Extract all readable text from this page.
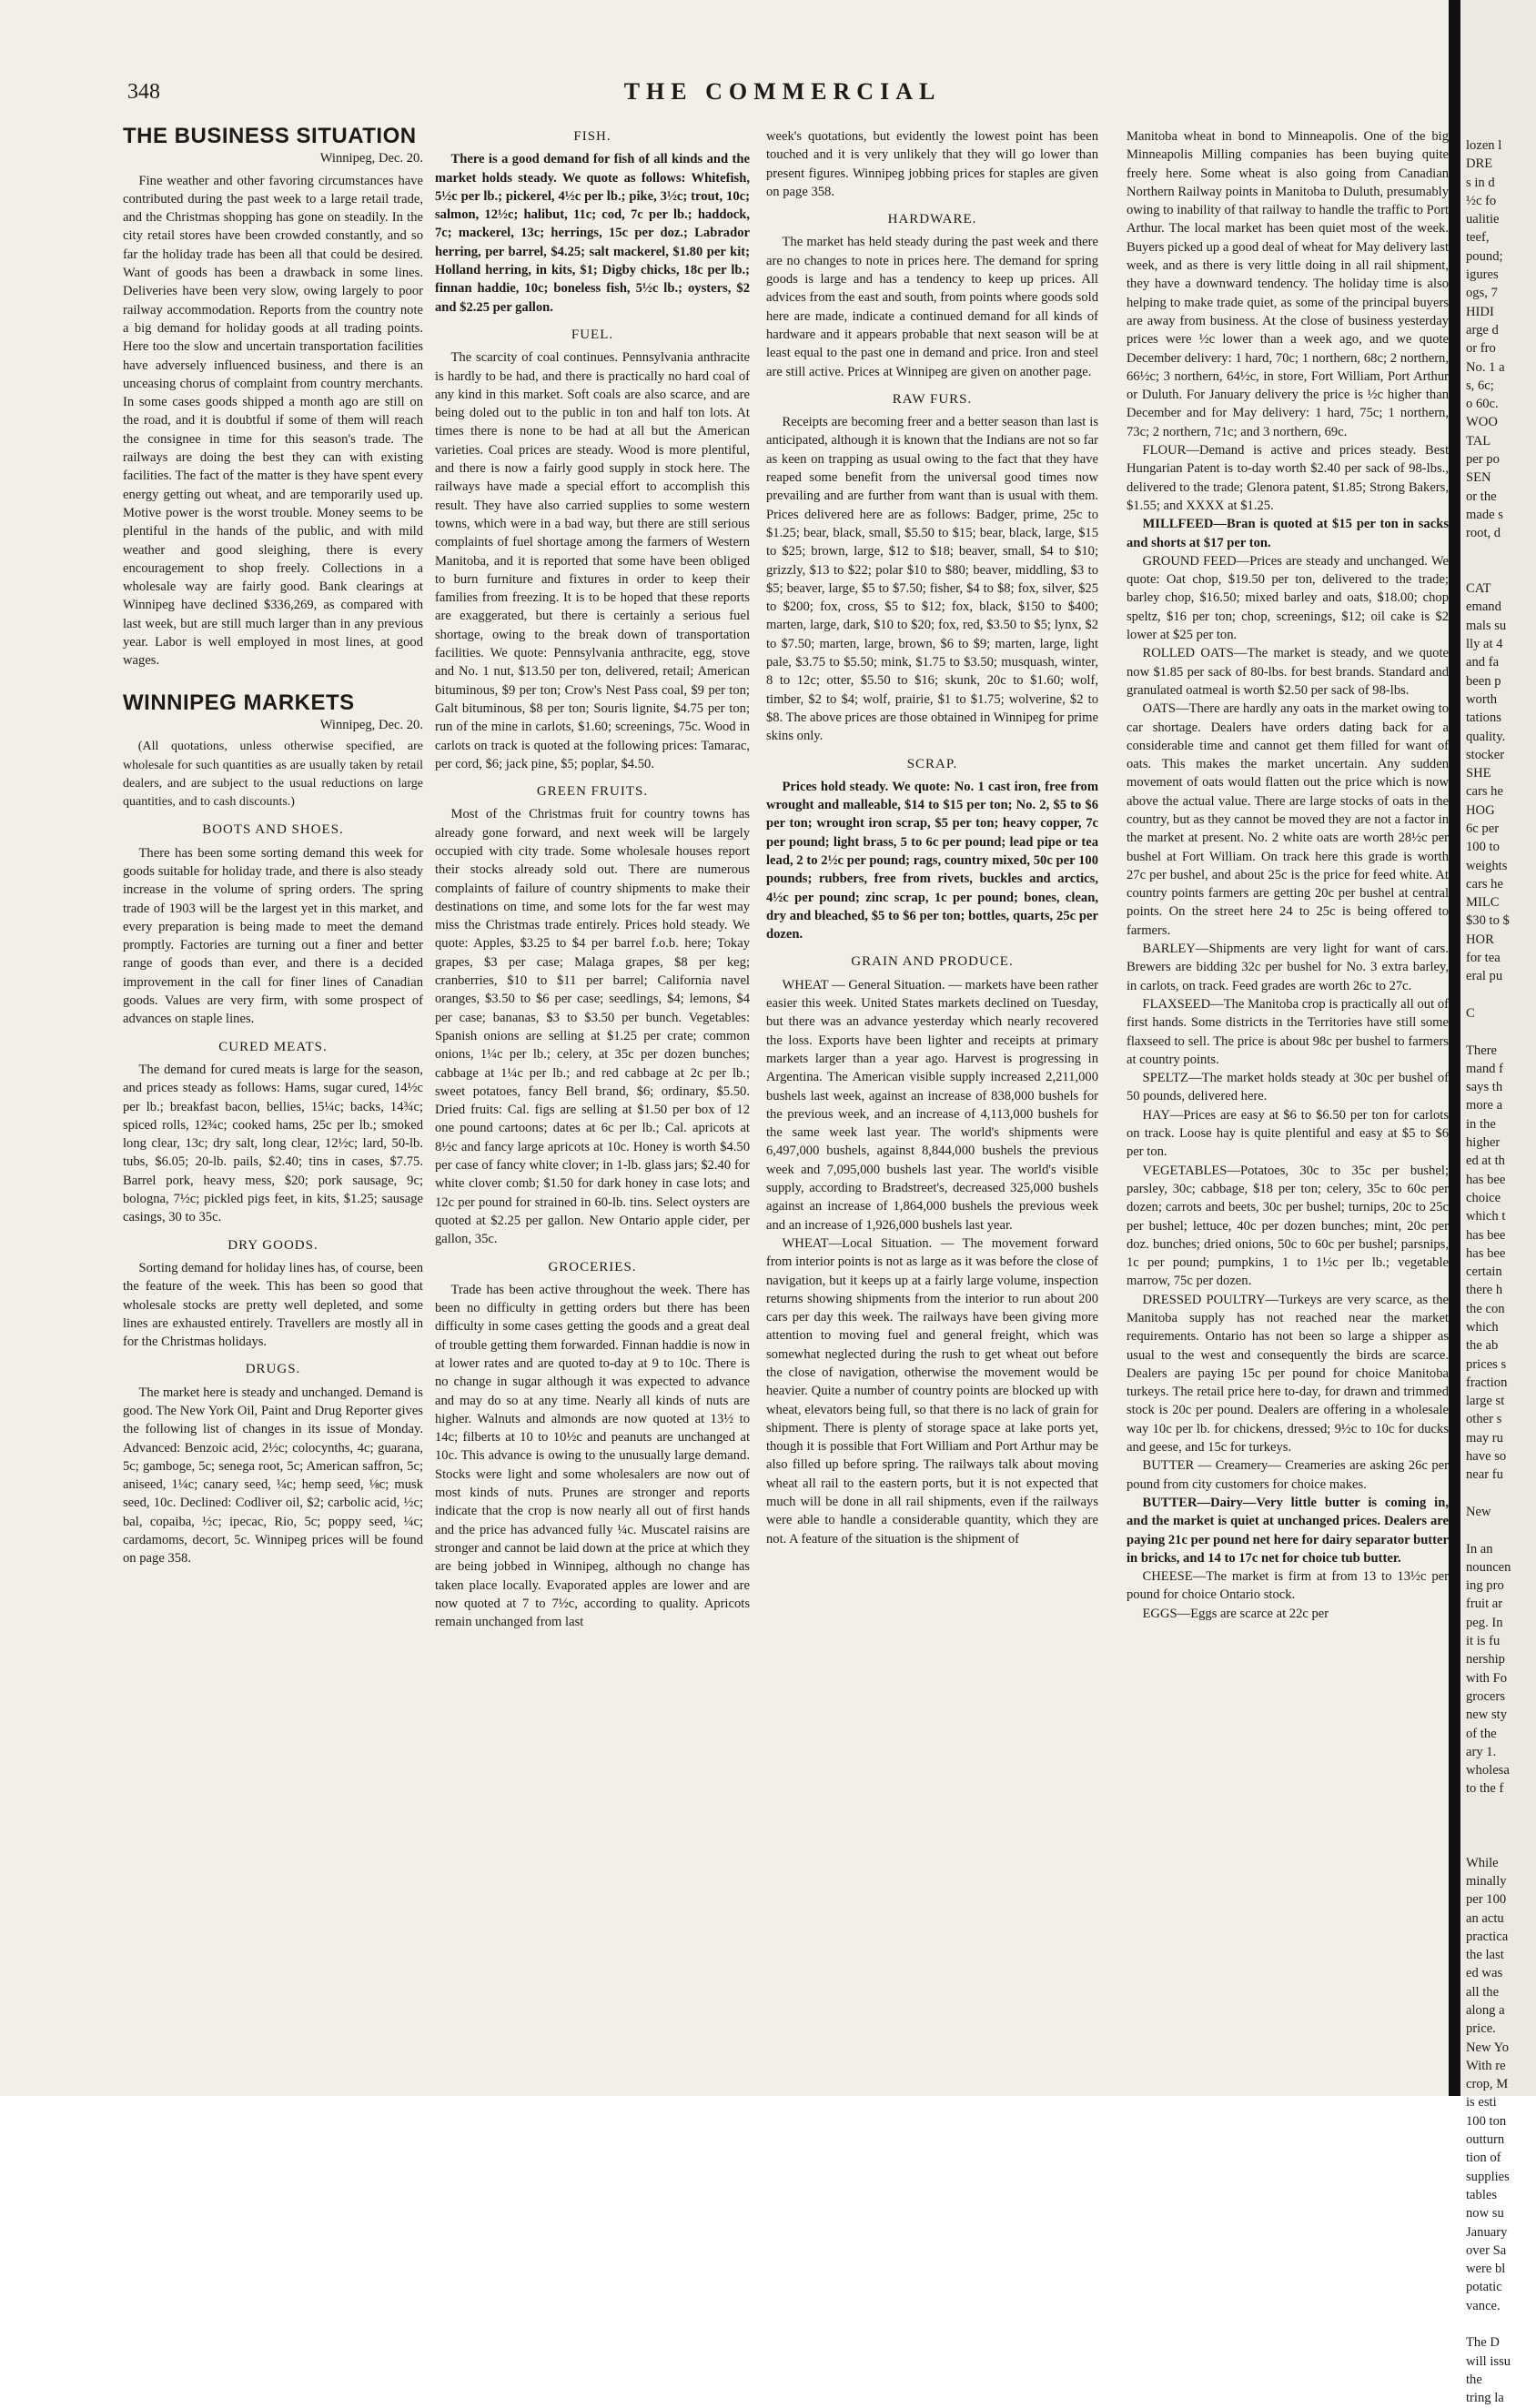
lozen l
DRE
s in d
½c fo
ualitie
teef,
pound;
igures
ogs, 7
HIDI
arge d
or fro
No. 1 a
s, 6c;
o 60c.
WOO
TAL
per po
SEN
or the
made s
root, d

CAT
emand
mals su
lly at 4
and fa
been p
worth
tations
quality.
stocker
SHE
cars he
HOG
6c per
100 to
weights
cars he
MILC
$30 to $
HOR
for tea
eral pu

C

There
mand f
says th
more a
in the
higher
ed at th
has bee
choice
which t
has bee
has bee
certain
there h
the con
which
the ab
prices s
fraction
large st
other s
may ru
have so
near fu

New

In an
nouncen
ing pro
fruit ar
peg. In
it is fu
nership
with Fo
grocers
new sty
of the
ary 1.
wholesa
to the f

While
minally
per 100
an actu
practica
the last
ed was
all the
along a
price.
New Yo
With re
crop, M
is esti
100 ton
outturn
tion of
supplies
tables
now su
January
over Sa
were bl
potatic
vance.

The D
will issu
the
tring la
348	THE COMMERCIAL
THE BUSINESS SITUATION

Winnipeg, Dec. 20.

Fine weather and other favoring circumstances have contributed during the past week to a large retail trade, and the Christmas shopping has gone on steadily. In the city retail stores have been crowded constantly, and so far the holiday trade has been all that could be desired. Want of goods has been a drawback in some lines. Deliveries have been very slow, owing largely to poor railway accommodation. Reports from the country note a big demand for holiday goods at all trading points. Here too the slow and uncertain transportation facilities have adversely influenced business, and there is an unceasing chorus of complaint from country merchants. In some cases goods shipped a month ago are still on the road, and it is doubtful if some of them will reach the consignee in time for this season's trade. The railways are doing the best they can with existing facilities. The fact of the matter is they have spent every energy getting out wheat, and are temporarily used up. Motive power is the worst trouble. Money seems to be plentiful in the hands of the public, and with mild weather and good sleighing, there is every encouragement to shop freely. Collections in a wholesale way are fairly good. Bank clearings at Winnipeg have declined $336,269, as compared with last week, but are still much larger than in any previous year. Labor is well employed in most lines, at good wages.

WINNIPEG MARKETS

Winnipeg, Dec. 20.

(All quotations, unless otherwise specified, are wholesale for such quantities as are usually taken by retail dealers, and are subject to the usual reductions on large quantities, and to cash discounts.)

BOOTS AND SHOES.

There has been some sorting demand this week for goods suitable for holiday trade, and there is also steady increase in the volume of spring orders. The spring trade of 1903 will be the largest yet in this market, and every preparation is being made to meet the demand promptly. Factories are turning out a finer and better range of goods than ever, and there is a decided improvement in the call for finer lines of Canadian goods. Values are very firm, with some prospect of advances on staple lines.

CURED MEATS.

The demand for cured meats is large for the season, and prices steady as follows: Hams, sugar cured, 14½c per lb.; breakfast bacon, bellies, 15¼c; backs, 14¾c; spiced rolls, 12¾c; cooked hams, 25c per lb.; smoked long clear, 13c; dry salt, long clear, 12½c; lard, 50-lb. tubs, $6.05; 20-lb. pails, $2.40; tins in cases, $7.75. Barrel pork, heavy mess, $20; pork sausage, 9c; bologna, 7½c; pickled pigs feet, in kits, $1.25; sausage casings, 30 to 35c.

DRY GOODS.

Sorting demand for holiday lines has, of course, been the feature of the week. This has been so good that wholesale stocks are pretty well depleted, and some lines are exhausted entirely. Travellers are mostly all in for the Christmas holidays.

DRUGS.

The market here is steady and unchanged. Demand is good. The New York Oil, Paint and Drug Reporter gives the following list of changes in its issue of Monday. Advanced: Benzoic acid, 2½c; colocynths, 4c; guarana, 5c; gamboge, 5c; senega root, 5c; American saffron, 5c; aniseed, 1¼c; canary seed, ¼c; hemp seed, ⅛c; musk seed, 10c. Declined: Codliver oil, $2; carbolic acid, ½c; bal, copaiba, ½c; ipecac, Rio, 5c; poppy seed, ¼c; cardamoms, decort, 5c. Winnipeg prices will be found on page 358.

FISH.

There is a good demand for fish of all kinds and the market holds steady. We quote as follows: Whitefish, 5½c per lb.; pickerel, 4½c per lb.; pike, 3½c; trout, 10c; salmon, 12½c; halibut, 11c; cod, 7c per lb.; haddock, 7c; mackerel, 13c; herrings, 15c per doz.; Labrador herring, per barrel, $4.25; salt mackerel, $1.80 per kit; Holland herring, in kits, $1; Digby chicks, 18c per lb.; finnan haddie, 10c; boneless fish, 5½c lb.; oysters, $2 and $2.25 per gallon.

FUEL.

The scarcity of coal continues. Pennsylvania anthracite is hardly to be had, and there is practically no hard coal of any kind in this market. Soft coals are also scarce, and are being doled out to the public in ton and half ton lots. At times there is none to be had at all but the American varieties. Coal prices are steady. Wood is more plentiful, and there is now a fairly good supply in stock here. The railways have made a special effort to accomplish this result. They have also carried supplies to some western towns, which were in a bad way, but there are still serious complaints of fuel shortage among the farmers of Western Manitoba, and it is reported that some have been obliged to burn furniture and fixtures in order to keep their families from freezing. It is to be hoped that these reports are exaggerated, but there is certainly a serious fuel shortage, owing to the break down of transportation facilities. We quote: Pennsylvania anthracite, egg, stove and No. 1 nut, $13.50 per ton, delivered, retail; American bituminous, $9 per ton; Crow's Nest Pass coal, $9 per ton; Galt bituminous, $8 per ton; Souris lignite, $4.75 per ton; run of the mine in carlots, $1.60; screenings, 75c. Wood in carlots on track is quoted at the following prices: Tamarac, per cord, $6; jack pine, $5; poplar, $4.50.

GREEN FRUITS.

Most of the Christmas fruit for country towns has already gone forward, and next week will be largely occupied with city trade. Some wholesale houses report their stocks already sold out. There are numerous complaints of failure of country shipments to make their destinations on time, and some lots for the far west may miss the Christmas trade entirely. Prices hold steady. We quote: Apples, $3.25 to $4 per barrel f.o.b. here; Tokay grapes, $3 per case; Malaga grapes, $8 per keg; cranberries, $10 to $11 per barrel; California navel oranges, $3.50 to $6 per case; seedlings, $4; lemons, $4 per case; bananas, $3 to $3.50 per bunch. Vegetables: Spanish onions are selling at $1.25 per crate; common onions, 1¼c per lb.; celery, at 35c per dozen bunches; cabbage at 1¼c per lb.; and red cabbage at 2c per lb.; sweet potatoes, fancy Bell brand, $6; ordinary, $5.50. Dried fruits: Cal. figs are selling at $1.50 per box of 12 one pound cartoons; dates at 6c per lb.; Cal. apricots at 8½c and fancy large apricots at 10c. Honey is worth $4.50 per case of fancy white clover; in 1-lb. glass jars; $2.40 for white clover comb; $1.50 for dark honey in case lots; and 12c per pound for strained in 60-lb. tins. Select oysters are quoted at $2.25 per gallon. New Ontario apple cider, per gallon, 35c.

GROCERIES.

Trade has been active throughout the week. There has been no difficulty in getting orders but there has been difficulty in some cases getting the goods and a great deal of trouble getting them forwarded. Finnan haddie is now in at lower rates and are quoted to-day at 9 to 10c. There is no change in sugar although it was expected to advance and may do so at any time. Nearly all kinds of nuts are higher. Walnuts and almonds are now quoted at 13½ to 14c; filberts at 10 to 10½c and peanuts are unchanged at 10c. This advance is owing to the unusually large demand. Stocks were light and some wholesalers are now out of most kinds of nuts. Prunes are stronger and reports indicate that the crop is now nearly all out of first hands and the price has advanced fully ¼c. Muscatel raisins are stronger and cannot be laid down at the price at which they are being jobbed in Winnipeg, although no change has taken place locally. Evaporated apples are lower and are now quoted at 7 to 7½c, according to quality. Apricots remain unchanged from last

week's quotations, but evidently the lowest point has been touched and it is very unlikely that they will go lower than present figures. Winnipeg jobbing prices for staples are given on page 358.

HARDWARE.

The market has held steady during the past week and there are no changes to note in prices here. The demand for spring goods is large and has a tendency to keep up prices. All advices from the east and south, from points where goods sold here are made, indicate a continued demand for all kinds of hardware and it appears probable that next season will be at least equal to the past one in demand and price. Iron and steel are still active. Prices at Winnipeg are given on another page.

RAW FURS.

Receipts are becoming freer and a better season than last is anticipated, although it is known that the Indians are not so far as keen on trapping as usual owing to the fact that they have reaped some benefit from the universal good times now prevailing and are further from want than is usual with them. Prices delivered here are as follows: Badger, prime, 25c to $1.25; bear, black, small, $5.50 to $15; bear, black, large, $15 to $25; brown, large, $12 to $18; beaver, small, $4 to $10; grizzly, $13 to $22; polar $10 to $80; beaver, middling, $3 to $5; beaver, large, $5 to $7.50; fisher, $4 to $8; fox, silver, $25 to $200; fox, cross, $5 to $12; fox, black, $150 to $400; marten, large, dark, $10 to $20; fox, red, $3.50 to $5; lynx, $2 to $7.50; marten, large, brown, $6 to $9; marten, large, light pale, $3.75 to $5.50; mink, $1.75 to $3.50; musquash, winter, 8 to 12c; otter, $5.50 to $16; skunk, 20c to $1.60; wolf, timber, $2 to $4; wolf, prairie, $1 to $1.75; wolverine, $2 to $8. The above prices are those obtained in Winnipeg for prime skins only.

SCRAP.

Prices hold steady. We quote: No. 1 cast iron, free from wrought and malleable, $14 to $15 per ton; No. 2, $5 to $6 per ton; wrought iron scrap, $5 per ton; heavy copper, 7c per pound; light brass, 5 to 6c per pound; lead pipe or tea lead, 2 to 2½c per pound; rags, country mixed, 50c per 100 pounds; rubbers, free from rivets, buckles and arctics, 4½c per pound; zinc scrap, 1c per pound; bones, clean, dry and bleached, $5 to $6 per ton; bottles, quarts, 25c per dozen.

GRAIN AND PRODUCE.

WHEAT — General Situation. — markets have been rather easier this week. United States markets declined on Tuesday, but there was an advance yesterday which nearly recovered the loss. Exports have been lighter and receipts at primary markets larger than a year ago. Harvest is progressing in Argentina. The American visible supply increased 2,211,000 bushels last week, against an increase of 838,000 bushels for the previous week, and an increase of 4,113,000 bushels for the same week last year. The world's shipments were 6,497,000 bushels, against 8,844,000 bushels the previous week and 7,095,000 bushels last year. The world's visible supply, according to Bradstreet's, decreased 325,000 bushels against an increase of 1,864,000 bushels the previous week and an increase of 1,926,000 bushels last year.

WHEAT—Local Situation. — The movement forward from interior points is not as large as it was before the close of navigation, but it keeps up at a fairly large volume, inspection returns showing shipments from the interior to run about 200 cars per day this week. The railways have been giving more attention to moving fuel and general freight, which was somewhat neglected during the rush to get wheat out before the close of navigation, otherwise the movement would be heavier. Quite a number of country points are blocked up with wheat, elevators being full, so that there is no lack of grain for shipment. There is plenty of storage space at lake ports yet, though it is possible that Fort William and Port Arthur may be also filled up before spring. The railways talk about moving wheat all rail to the eastern ports, but it is not expected that much will be done in all rail shipments, even if the railways were able to handle a considerable quantity, which they are not. A feature of the situation is the shipment of

Manitoba wheat in bond to Minneapolis. One of the big Minneapolis Milling companies has been buying quite freely here. Some wheat is also going from Canadian Northern Railway points in Manitoba to Duluth, presumably owing to inability of that railway to handle the traffic to Port Arthur. The local market has been quiet most of the week. Buyers picked up a good deal of wheat for May delivery last week, and as there is very little doing in all rail shipment, they have a downward tendency. The holiday time is also helping to make trade quiet, as some of the principal buyers are away from business. At the close of business yesterday prices were ½c lower than a week ago, and we quote December delivery: 1 hard, 70c; 1 northern, 68c; 2 northern, 66½c; 3 northern, 64½c, in store, Fort William, Port Arthur or Duluth. For January delivery the price is ½c higher than December and for May delivery: 1 hard, 75c; 1 northern, 73c; 2 northern, 71c; and 3 northern, 69c.

FLOUR—Demand is active and prices steady. Best Hungarian Patent is to-day worth $2.40 per sack of 98-lbs., delivered to the trade; Glenora patent, $1.85; Strong Bakers, $1.55; and XXXX at $1.25.

MILLFEED—Bran is quoted at $15 per ton in sacks and shorts at $17 per ton.

GROUND FEED—Prices are steady and unchanged. We quote: Oat chop, $19.50 per ton, delivered to the trade; barley chop, $16.50; mixed barley and oats, $18.00; chop speltz, $16 per ton; chop, screenings, $12; oil cake is $2 lower at $25 per ton.

ROLLED OATS—The market is steady, and we quote now $1.85 per sack of 80-lbs. for best brands. Standard and granulated oatmeal is worth $2.50 per sack of 98-lbs.

OATS—There are hardly any oats in the market owing to car shortage. Dealers have orders dating back for a considerable time and cannot get them filled for want of oats. This makes the market uncertain. Any sudden movement of oats would flatten out the price which is now above the actual value. There are large stocks of oats in the country, but as they cannot be moved they are not a factor in the market at present. No. 2 white oats are worth 28½c per bushel at Fort William. On track here this grade is worth 27c per bushel, and about 25c is the price for feed white. At country points farmers are getting 20c per bushel at central points. On the street here 24 to 25c is being offered to farmers.

BARLEY—Shipments are very light for want of cars. Brewers are bidding 32c per bushel for No. 3 extra barley, in carlots, on track. Feed grades are worth 26c to 27c.

FLAXSEED—The Manitoba crop is practically all out of first hands. Some districts in the Territories have still some flaxseed to sell. The price is about 98c per bushel to farmers at country points.

SPELTZ—The market holds steady at 30c per bushel of 50 pounds, delivered here.

HAY—Prices are easy at $6 to $6.50 per ton for carlots on track. Loose hay is quite plentiful and easy at $5 to $6 per ton.

VEGETABLES—Potatoes, 30c to 35c per bushel; parsley, 30c; cabbage, $18 per ton; celery, 35c to 60c per dozen; carrots and beets, 30c per bushel; turnips, 20c to 25c per bushel; lettuce, 40c per dozen bunches; mint, 20c per doz. bunches; dried onions, 50c to 60c per bushel; parsnips, 1c per pound; pumpkins, 1 to 1½c per lb.; vegetable marrow, 75c per dozen.

DRESSED POULTRY—Turkeys are very scarce, as the Manitoba supply has not reached near the market requirements. Ontario has not been so large a shipper as usual to the west and consequently the birds are scarce. Dealers are paying 15c per pound for choice Manitoba turkeys. The retail price here to-day, for drawn and trimmed stock is 20c per pound. Dealers are offering in a wholesale way 10c per lb. for chickens, dressed; 9½c to 10c for ducks and geese, and 15c for turkeys.

BUTTER — Creamery— Creameries are asking 26c per pound from city customers for choice makes.

BUTTER—Dairy—Very little butter is coming in, and the market is quiet at unchanged prices. Dealers are paying 21c per pound net here for dairy separator butter in bricks, and 14 to 17c net for choice tub butter.

CHEESE—The market is firm at from 13 to 13½c per pound for choice Ontario stock.

EGGS—Eggs are scarce at 22c per
